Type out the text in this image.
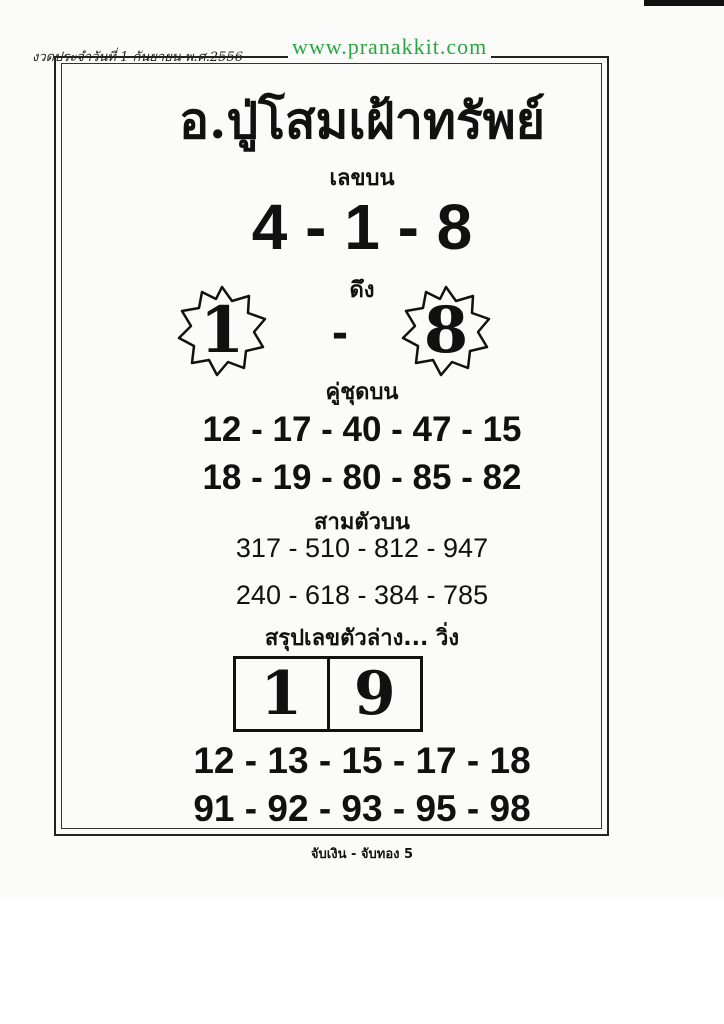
งวดประจำวันที่ 1 กันยายน พ.ศ.2556 www.pranakkit.com
อ.ปู่โสมเฝ้าทรัพย์
เลขบน
4 - 1 - 8
ดึง
1	-	8
คู่ชุดบน
12 - 17 - 40 - 47 - 15
18 - 19 - 80 - 85 - 82
สามตัวบน
317 - 510 - 812 - 947
240 - 618 - 384 - 785
สรุปเลขตัวล่าง... วิ่ง
1 9
12 - 13 - 15 - 17 - 18
91 - 92 - 93 - 95 - 98
จับเงิน - จับทอง 5
